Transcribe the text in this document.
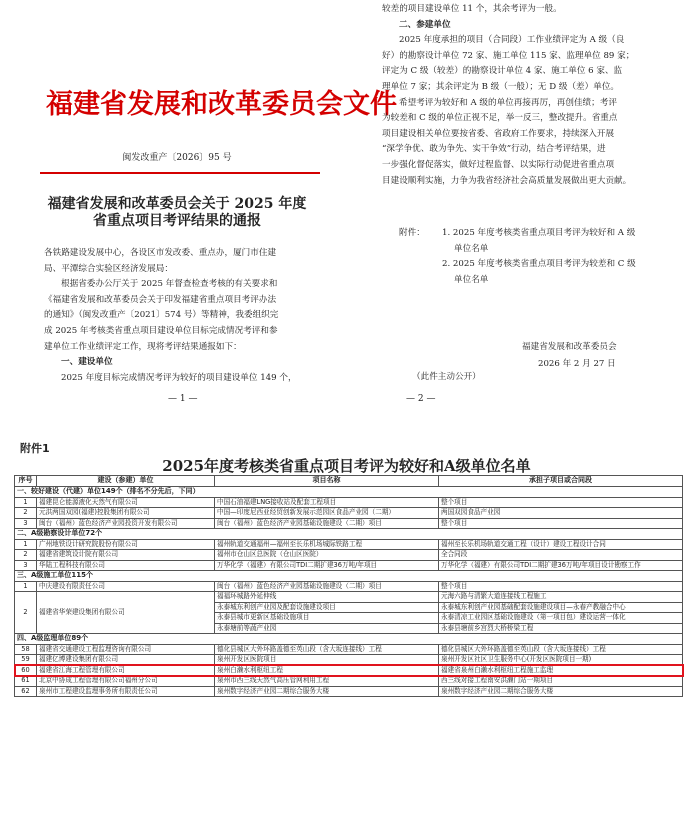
福建省发展和改革委员会文件
闽发改重产〔2026〕95 号
福建省发展和改革委员会关于 2025 年度
省重点项目考评结果的通报
各铁路建设发展中心，各设区市发改委、重点办，厦门市住建
局、平潭综合实验区经济发展局：
根据省委办公厅关于 2025 年督查检查考核的有关要求和
《福建省发展和改革委员会关于印发福建省重点项目考评办法
的通知》（闽发改重产〔2021〕574 号）等精神，我委组织完
成 2025 年考核类省重点项目建设单位目标完成情况考评和参
建单位工作业绩评定工作，现将考评结果通报如下：
一、建设单位
2025 年度目标完成情况考评为较好的项目建设单位 149 个，
— 1 —
较差的项目建设单位 11 个，其余考评为一般。
二、参建单位
2025 年度承担的项目（合同段）工作业绩评定为 A 级（良
好）的勘察设计单位 72 家、施工单位 115 家、监理单位 89 家；
评定为 C 级（较差）的勘察设计单位 4 家、施工单位 6 家、监
理单位 7 家；其余评定为 B 级（一般）；无 D 级（差）单位。
希望考评为较好和 A 级的单位再接再厉，再创佳绩；考评
为较差和 C 级的单位正视不足，举一反三，整改提升。省重点
项目建设相关单位要按省委、省政府工作要求，持续深入开展
“深学争优、敢为争先、实干争效”行动，结合考评结果，进
一步强化督促落实，做好过程监督、以实际行动促进省重点项
目建设顺利实施，力争为我省经济社会高质量发展做出更大贡献。
附件：	1. 2025 年度考核类省重点项目考评为较好和 A 级
单位名单
2. 2025 年度考核类省重点项目考评为较差和 C 级
单位名单
福建省发展和改革委员会
2026 年 2 月 27 日
（此件主动公开）
— 2 —
附件1
2025年度考核类省重点项目考评为较好和A级单位名单
序号	建设（参建）单位	项目名称	承担子项目或合同段
一、较好建设（代建）单位149个（排名不分先后，下同）			
1	福建昆仑能源液化天然气有限公司	中国石油福建LNG接收站及配套工程项目	整个项目
2	元洪两国双园(福建)控股集团有限公司	中国—印度尼西亚经贸创新发展示范园区食品产业园（二期）	两国双园食品产业园
3	闽台（福州）蓝色经济产业园投资开发有限公司	闽台（福州）蓝色经济产业园基础设施建设（二期）项目	整个项目
二、A级勘察设计单位72个			
1	广州地铁设计研究院股份有限公司	福州轨道交通福州—福州至长乐机场城际铁路工程	福州至长乐机场轨道交通工程（设计）建设工程设计合同
2	福建省建筑设计院有限公司	福州市仓山区总医院（仓山区医院）	全合同段
3	华陆工程科技有限公司	万华化学（福建）有限公司TDI二期扩建36万吨/年项目	万华化学（福建）有限公司TDI二期扩建36万吨/年项目设计勘察工作
三、A级施工单位115个			
1	中庆建设有限责任公司	闽台（福州）蓝色经济产业园基础设施建设（二期）项目	整个项目
2	福建省华荣建设集团有限公司	福福环城路外延伸线	元海六路与清繁大道连接线工程施工
		永泰城东利创产业园及配套设施建设项目	永泰城东利创产业园基础配套设施建设项目—永春产教融合中心
		永泰县城市更新区基础设施项目	永泰清凉工业园区基础设施建设（第一项目包）建设运营一体化
		永泰塘前等蔬产业园	永泰县塘前乡宫烈大桥桥梁工程
四、A级监理单位89个			
58	福建省交通建设工程监理咨询有限公司	德化县城区大外环路盖德至英山段（含大坂连接线）工程	德化县城区大外环路盖德至英山段（含大坂连接线）工程
59	福建亿博建设集团有限公司	泉州开发区医院项目	泉州开发区社区卫生服务中心(开发区医院项目一期)
60	福建省江海工程管理有限公司	泉州白濑水利枢纽工程	福建省泉州白濑水利枢纽工程施工监理
61	北京中协成工程管理有限公司福州分公司	泉州市西三线天然气高压管网利用工程	西三线对接工程南安洪濑门站一期项目
62	泉州市工程建设监理事务所有限责任公司	泉州数字经济产业园二期综合服务大楼	泉州数字经济产业园二期综合服务大楼
